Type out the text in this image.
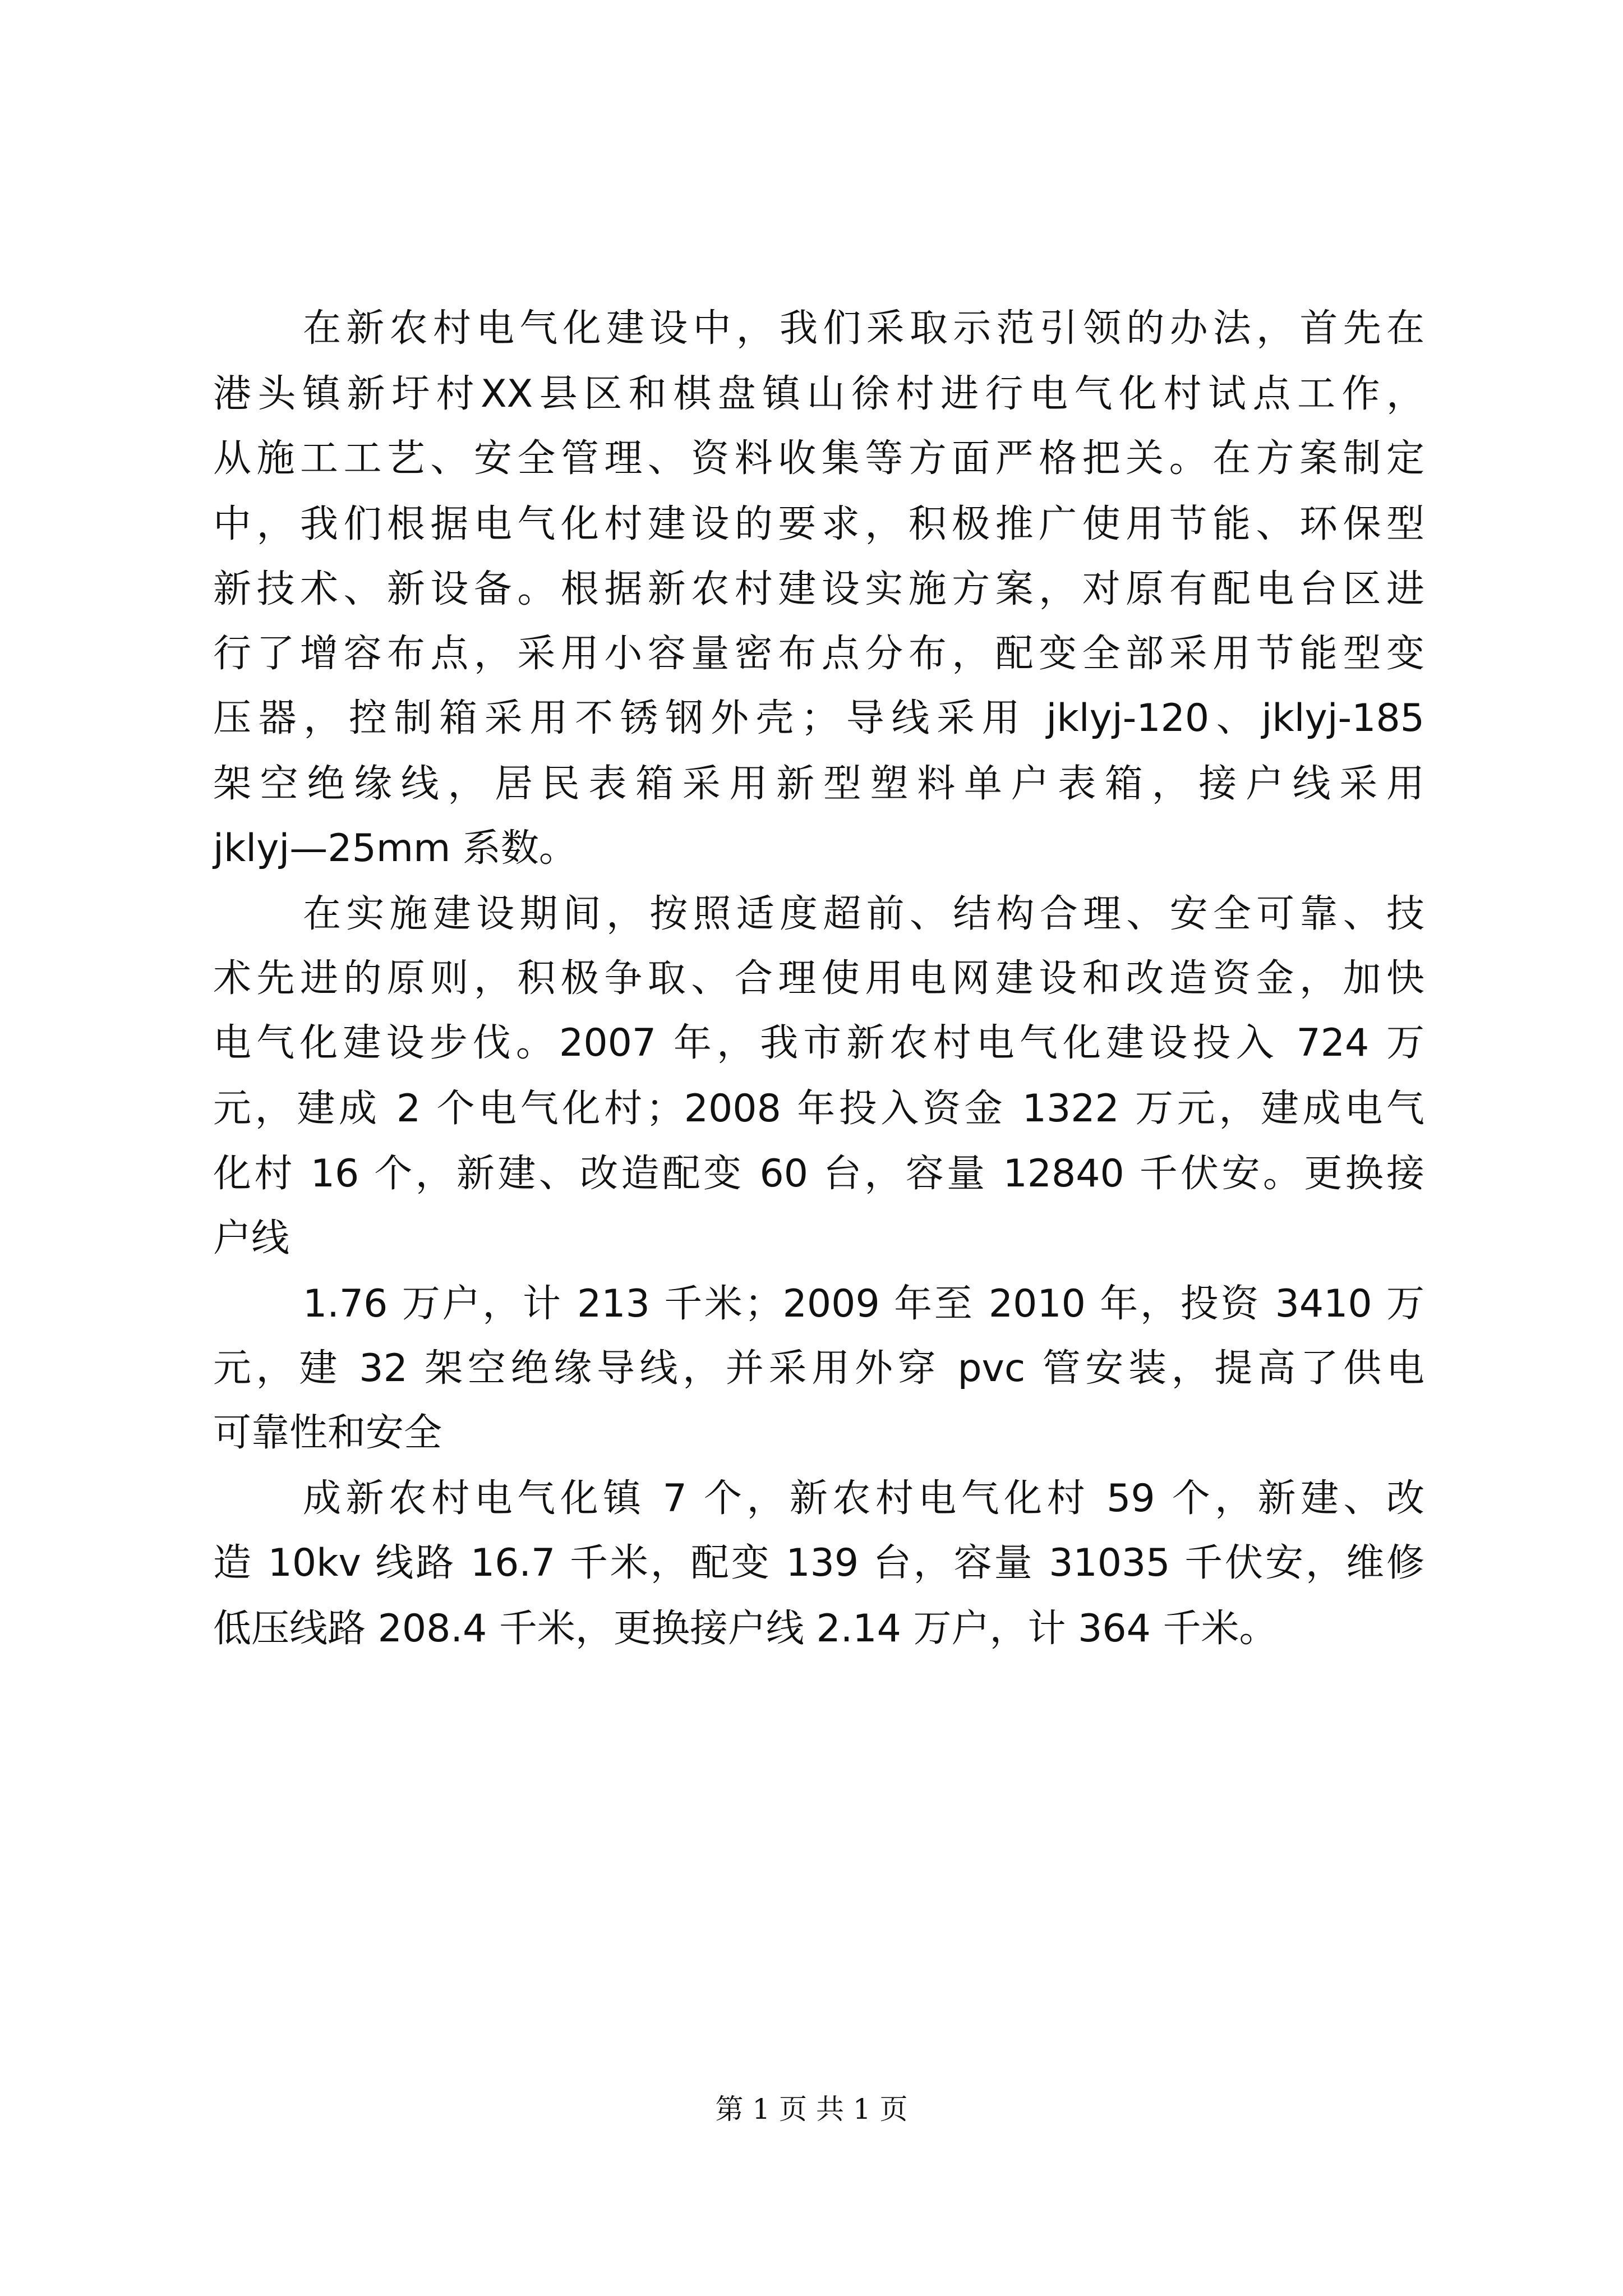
在新农村电气化建设中，我们采取示范引领的办法，首先在
港头镇新圩村XX县区和棋盘镇山徐村进行电气化村试点工作，
从施工工艺、安全管理、资料收集等方面严格把关。在方案制定
中，我们根据电气化村建设的要求，积极推广使用节能、环保型
新技术、新设备。根据新农村建设实施方案，对原有配电台区进
行了增容布点，采用小容量密布点分布，配变全部采用节能型变
压器，控制箱采用不锈钢外壳；导线采用 jklyj-120、jklyj-185
架空绝缘线，居民表箱采用新型塑料单户表箱，接户线采用
jklyj—25mm 系数。
在实施建设期间，按照适度超前、结构合理、安全可靠、技
术先进的原则，积极争取、合理使用电网建设和改造资金，加快
电气化建设步伐。2007 年，我市新农村电气化建设投入 724 万
元，建成 2 个电气化村；2008 年投入资金 1322 万元，建成电气
化村 16 个，新建、改造配变 60 台，容量 12840 千伏安。更换接
户线
1.76 万户，计 213 千米；2009 年至 2010 年，投资 3410 万
元，建 32 架空绝缘导线，并采用外穿 pvc 管安装，提高了供电
可靠性和安全
成新农村电气化镇 7 个，新农村电气化村 59 个，新建、改
造 10kv 线路 16.7 千米，配变 139 台，容量 31035 千伏安，维修
低压线路 208.4 千米，更换接户线 2.14 万户，计 364 千米。
第 1 页 共 1 页
